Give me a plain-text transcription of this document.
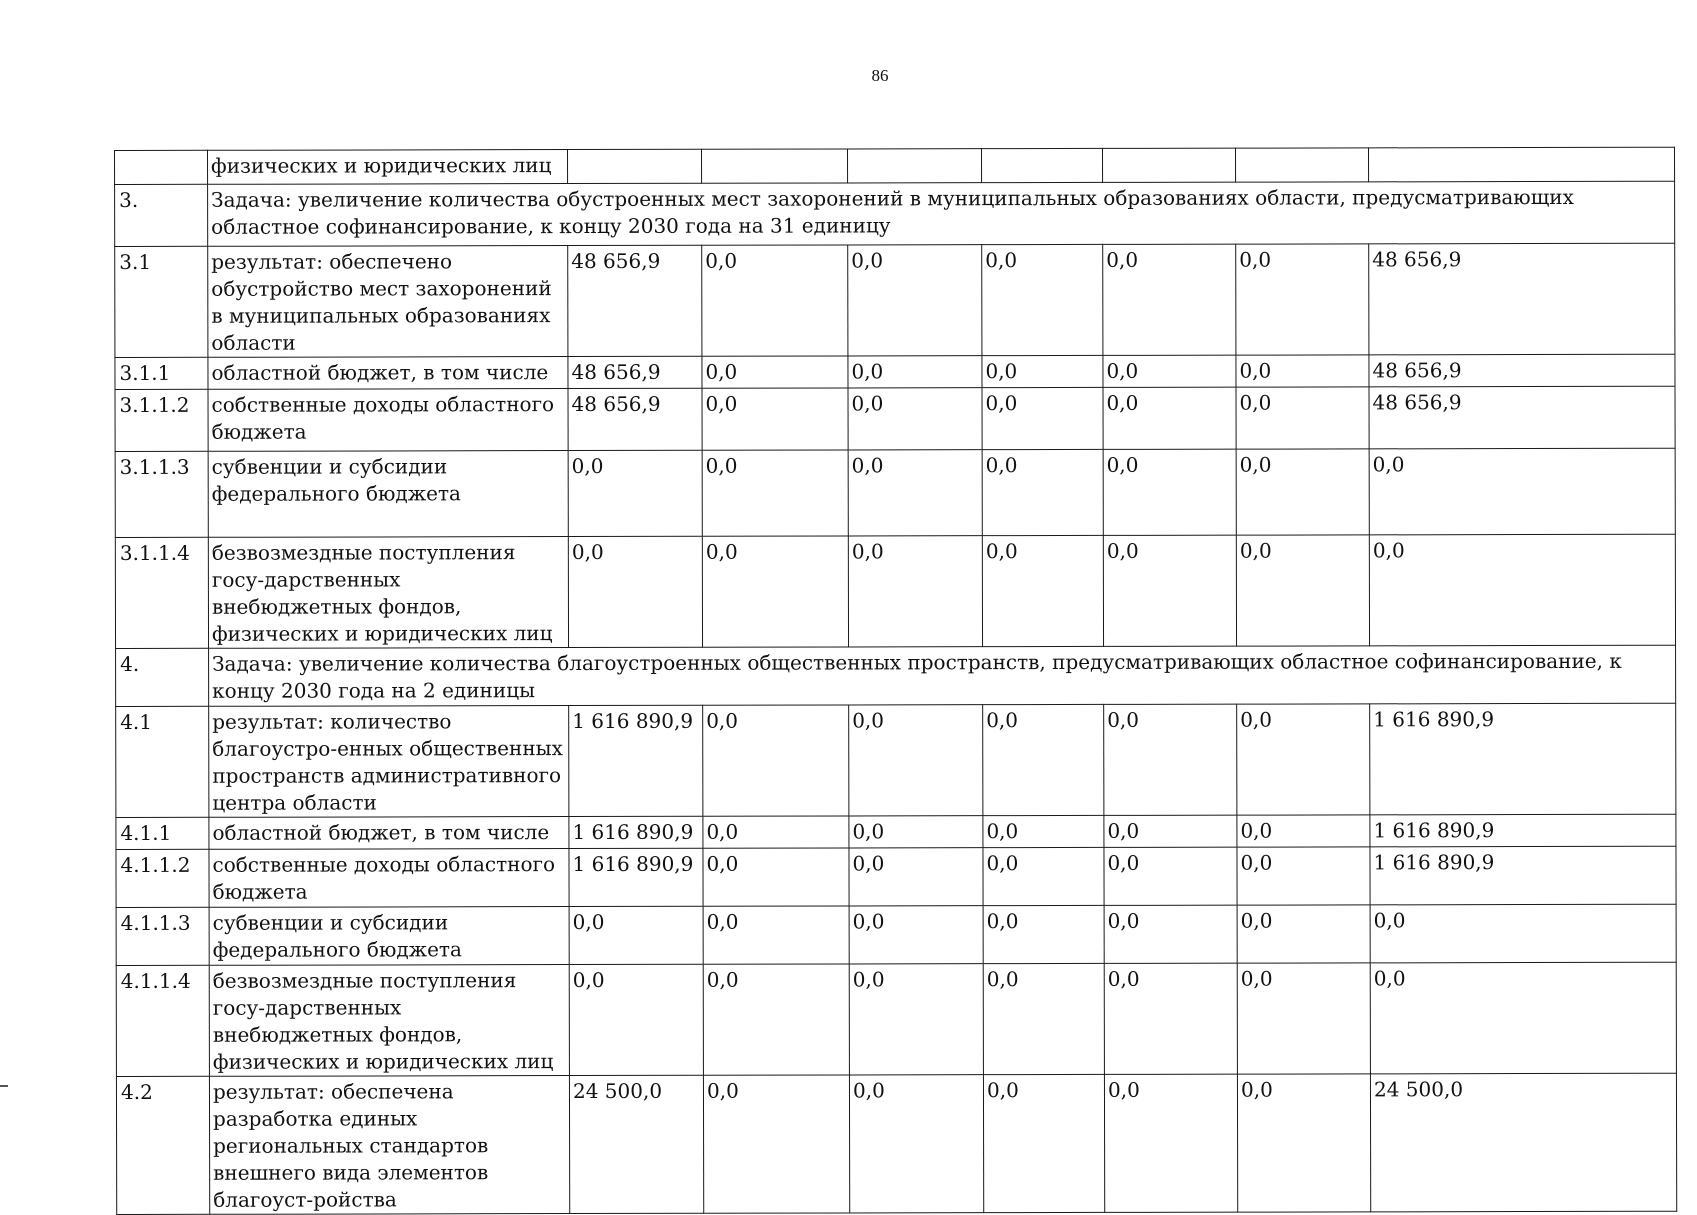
86
	физических и юридических лиц							
3.	Задача: увеличение количества обустроенных мест захоронений в муниципальных образованиях области, предусматривающих областное софинансирование, к концу 2030 года на 31 единицу							
3.1	результат: обеспечено обустройство мест захоронений в муниципальных образованиях области	48 656,9	0,0	0,0	0,0	0,0	0,0	48 656,9
3.1.1	областной бюджет, в том числе	48 656,9	0,0	0,0	0,0	0,0	0,0	48 656,9
3.1.1.2	собственные доходы областного бюджета	48 656,9	0,0	0,0	0,0	0,0	0,0	48 656,9
3.1.1.3	субвенции и субсидии федерального бюджета	0,0	0,0	0,0	0,0	0,0	0,0	0,0
3.1.1.4	безвозмездные поступления госу-дарственных внебюджетных фондов, физических и юридических лиц	0,0	0,0	0,0	0,0	0,0	0,0	0,0
4.	Задача: увеличение количества благоустроенных общественных пространств, предусматривающих областное софинансирование, к концу 2030 года на 2 единицы							
4.1	результат: количество благоустро-енных общественных пространств административного центра области	1 616 890,9	0,0	0,0	0,0	0,0	0,0	1 616 890,9
4.1.1	областной бюджет, в том числе	1 616 890,9	0,0	0,0	0,0	0,0	0,0	1 616 890,9
4.1.1.2	собственные доходы областного бюджета	1 616 890,9	0,0	0,0	0,0	0,0	0,0	1 616 890,9
4.1.1.3	субвенции и субсидии федерального бюджета	0,0	0,0	0,0	0,0	0,0	0,0	0,0
4.1.1.4	безвозмездные поступления госу-дарственных внебюджетных фондов, физических и юридических лиц	0,0	0,0	0,0	0,0	0,0	0,0	0,0
4.2	результат: обеспечена разработка единых региональных стандартов внешнего вида элементов благоуст-ройства	24 500,0	0,0	0,0	0,0	0,0	0,0	24 500,0
